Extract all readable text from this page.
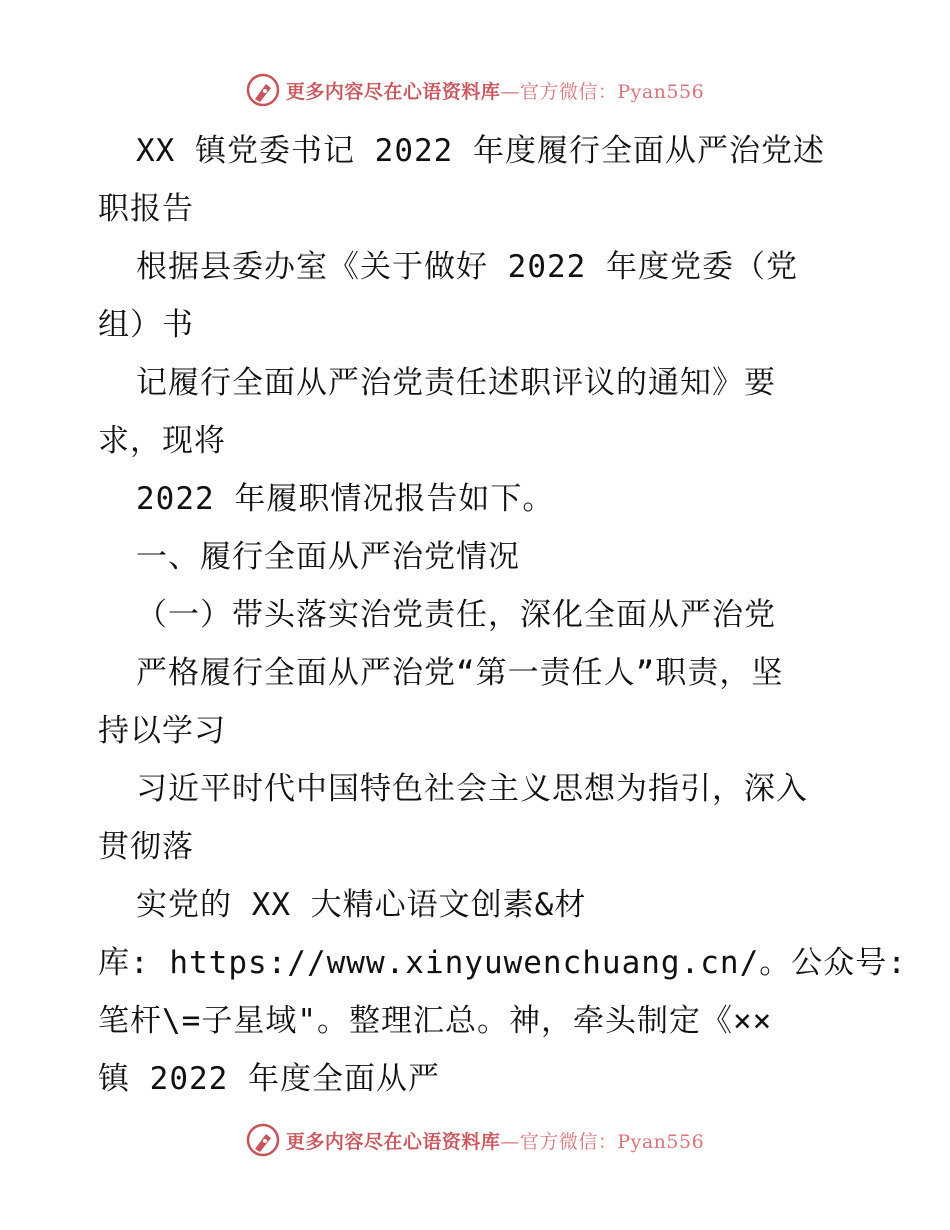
更多内容尽在心语资料库—官方微信：Pyan556
XX 镇党委书记 2022 年度履行全面从严治党述
职报告
根据县委办室《关于做好 2022 年度党委（党
组）书
记履行全面从严治党责任述职评议的通知》要
求，现将
2022 年履职情况报告如下。
一、履行全面从严治党情况
（一）带头落实治党责任，深化全面从严治党
严格履行全面从严治党“第一责任人”职责，坚
持以学习
习近平时代中国特色社会主义思想为指引，深入
贯彻落
实党的 XX 大精心语文创素&材
库: https://www.xinyuwenchuang.cn/。公众号:
笔杆\=子星域"。整理汇总。神，牵头制定《××
镇 2022 年度全面从严
更多内容尽在心语资料库—官方微信：Pyan556
